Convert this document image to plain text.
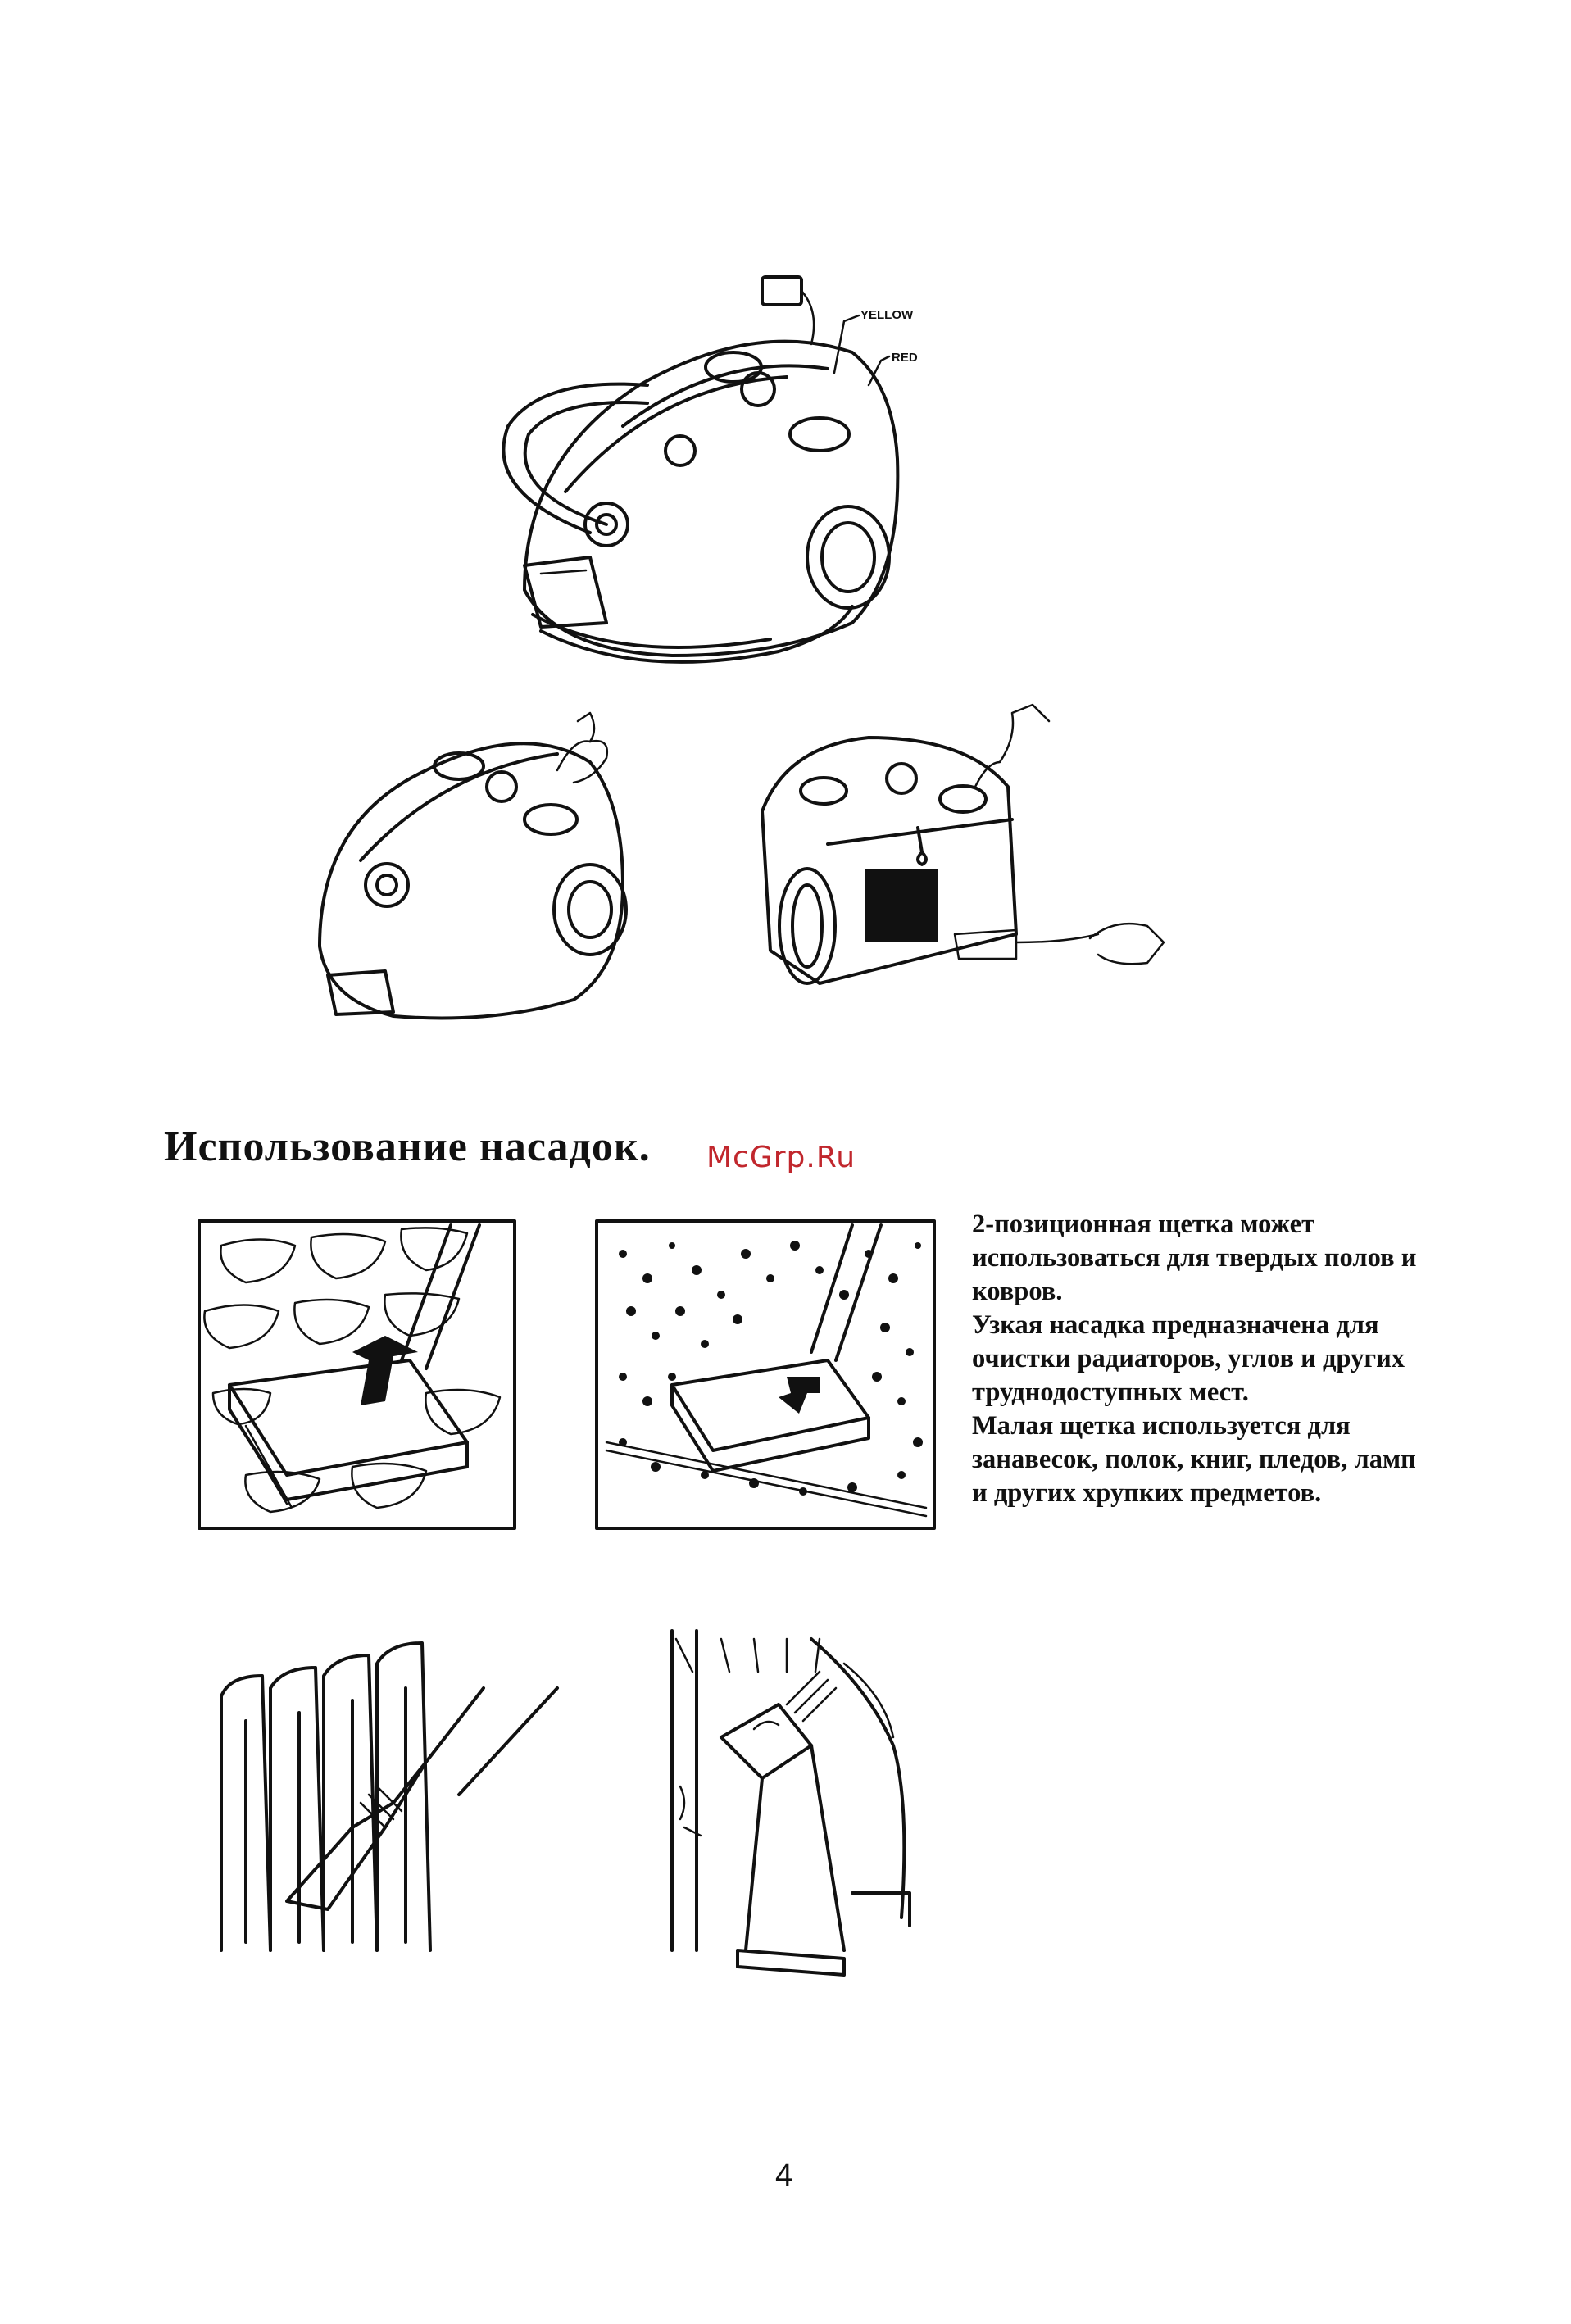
YELLOW
RED
Использование насадок. McGrp.Ru

2-позиционная щетка может

использоваться для твердых полов и

ковров.

Узкая насадка предназначена для

очистки радиаторов, углов и других

труднодоступных мест.

Малая щетка используется для

занавесок, полок, книг, пледов, ламп

и других хрупких предметов.

4
